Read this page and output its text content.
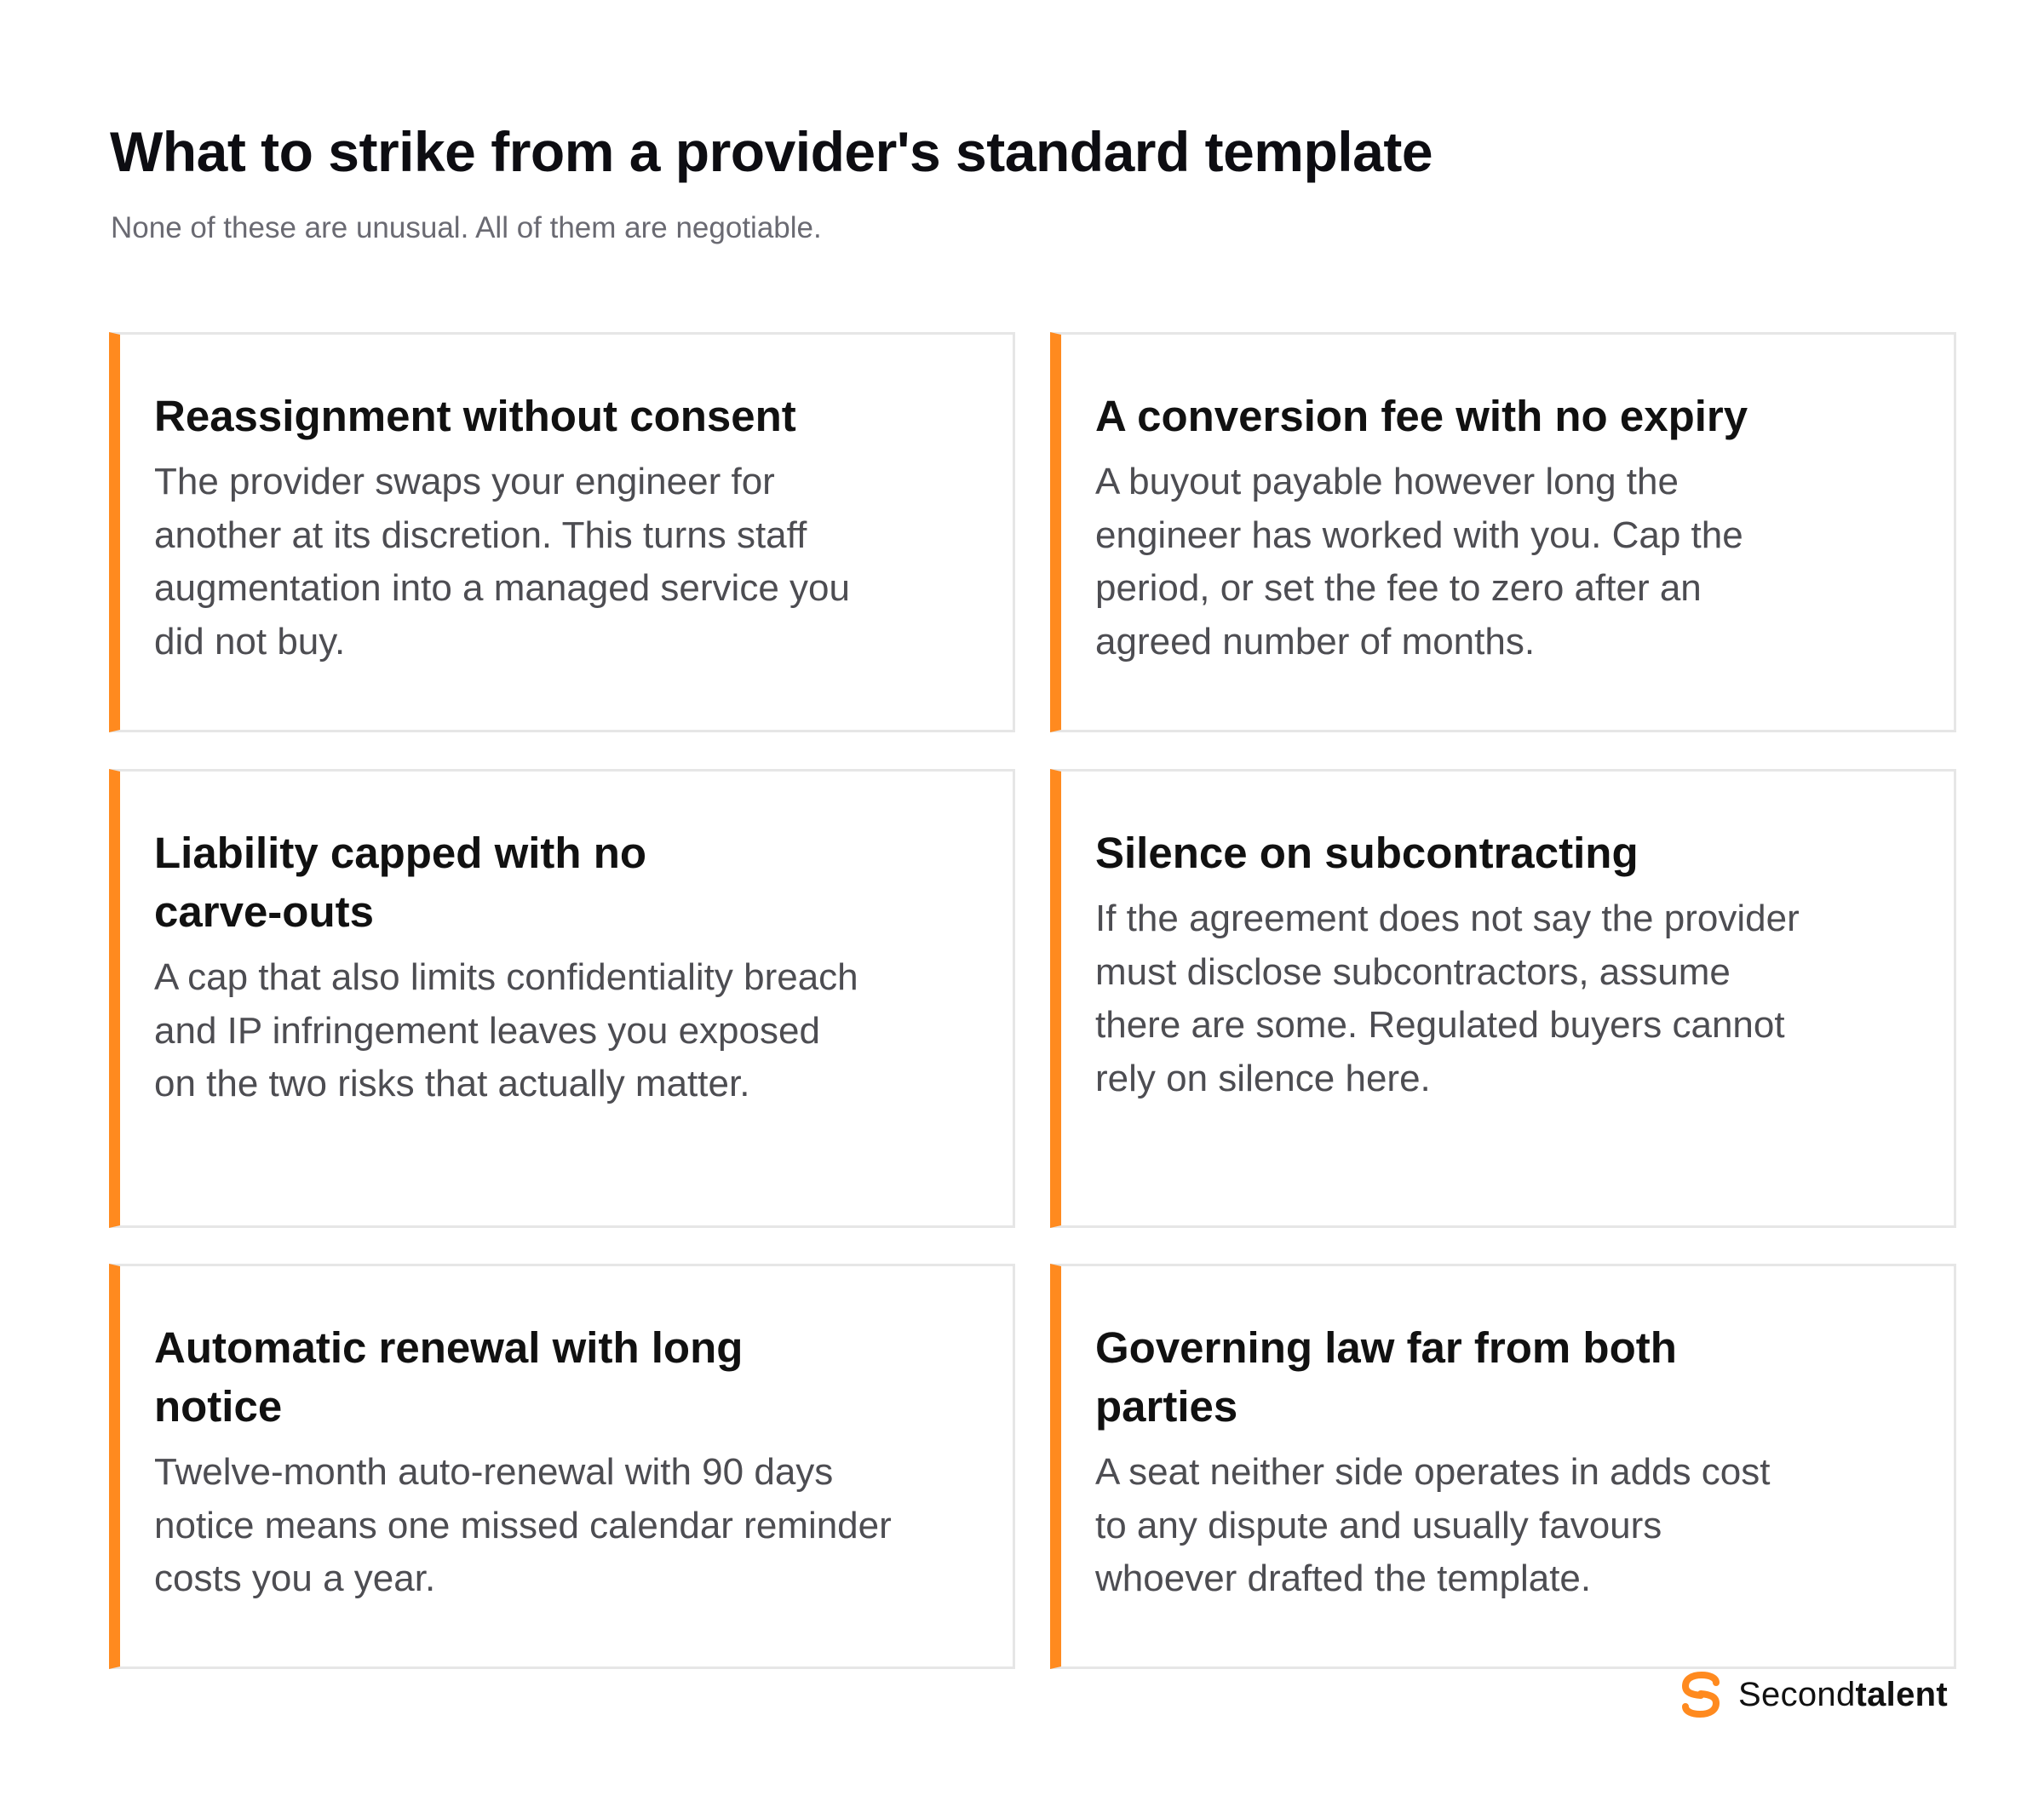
What to strike from a provider's standard template

None of these are unusual. All of them are negotiable.

Reassignment without consent

The provider swaps your engineer for another at its discretion. This turns staff augmentation into a managed service you did not buy.

A conversion fee with no expiry

A buyout payable however long the engineer has worked with you. Cap the period, or set the fee to zero after an agreed number of months.

Liability capped with no carve-outs

A cap that also limits confidentiality breach and IP infringement leaves you exposed on the two risks that actually matter.

Silence on subcontracting

If the agreement does not say the provider must disclose subcontractors, assume there are some. Regulated buyers cannot rely on silence here.

Automatic renewal with long notice

Twelve-month auto-renewal with 90 days notice means one missed calendar reminder costs you a year.

Governing law far from both parties

A seat neither side operates in adds cost to any dispute and usually favours whoever drafted the template.

Secondtalent
